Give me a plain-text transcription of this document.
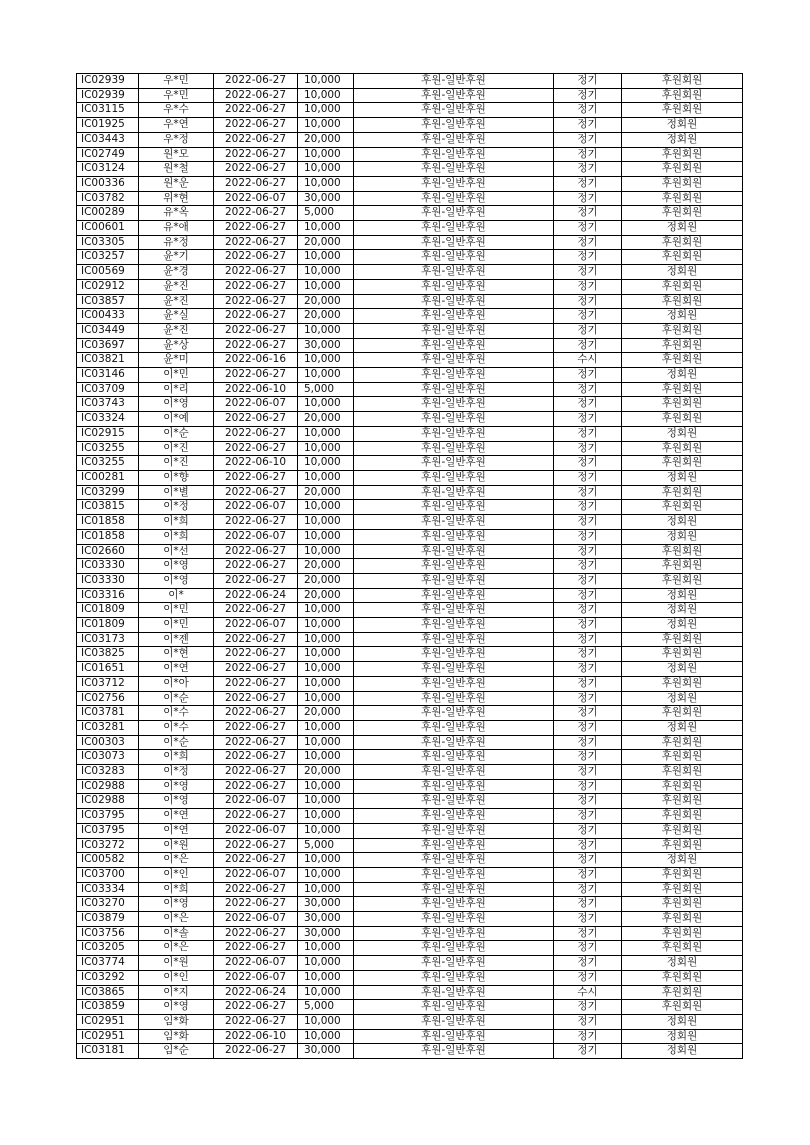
IC02939	우*민	2022-06-27	10,000	후원-일반후원	정기	후원회원
IC02939	우*민	2022-06-27	10,000	후원-일반후원	정기	후원회원
IC03115	우*수	2022-06-27	10,000	후원-일반후원	정기	후원회원
IC01925	우*연	2022-06-27	10,000	후원-일반후원	정기	정회원
IC03443	우*정	2022-06-27	20,000	후원-일반후원	정기	정회원
IC02749	원*모	2022-06-27	10,000	후원-일반후원	정기	후원회원
IC03124	원*철	2022-06-27	10,000	후원-일반후원	정기	후원회원
IC00336	원*운	2022-06-27	10,000	후원-일반후원	정기	후원회원
IC03782	위*현	2022-06-07	30,000	후원-일반후원	정기	후원회원
IC00289	유*옥	2022-06-27	5,000	후원-일반후원	정기	후원회원
IC00601	유*애	2022-06-27	10,000	후원-일반후원	정기	정회원
IC03305	유*정	2022-06-27	20,000	후원-일반후원	정기	후원회원
IC03257	윤*기	2022-06-27	10,000	후원-일반후원	정기	후원회원
IC00569	윤*경	2022-06-27	10,000	후원-일반후원	정기	정회원
IC02912	윤*진	2022-06-27	10,000	후원-일반후원	정기	후원회원
IC03857	윤*진	2022-06-27	20,000	후원-일반후원	정기	후원회원
IC00433	윤*실	2022-06-27	20,000	후원-일반후원	정기	정회원
IC03449	윤*진	2022-06-27	10,000	후원-일반후원	정기	후원회원
IC03697	윤*상	2022-06-27	30,000	후원-일반후원	정기	후원회원
IC03821	윤*미	2022-06-16	10,000	후원-일반후원	수시	후원회원
IC03146	이*민	2022-06-27	10,000	후원-일반후원	정기	정회원
IC03709	이*리	2022-06-10	5,000	후원-일반후원	정기	후원회원
IC03743	이*영	2022-06-07	10,000	후원-일반후원	정기	후원회원
IC03324	이*예	2022-06-27	20,000	후원-일반후원	정기	후원회원
IC02915	이*순	2022-06-27	10,000	후원-일반후원	정기	정회원
IC03255	이*진	2022-06-27	10,000	후원-일반후원	정기	후원회원
IC03255	이*진	2022-06-10	10,000	후원-일반후원	정기	후원회원
IC00281	이*향	2022-06-27	10,000	후원-일반후원	정기	정회원
IC03299	이*별	2022-06-27	20,000	후원-일반후원	정기	후원회원
IC03815	이*정	2022-06-07	10,000	후원-일반후원	정기	후원회원
IC01858	이*희	2022-06-27	10,000	후원-일반후원	정기	정회원
IC01858	이*희	2022-06-07	10,000	후원-일반후원	정기	정회원
IC02660	이*선	2022-06-27	10,000	후원-일반후원	정기	후원회원
IC03330	이*영	2022-06-27	20,000	후원-일반후원	정기	후원회원
IC03330	이*영	2022-06-27	20,000	후원-일반후원	정기	후원회원
IC03316	이*	2022-06-24	20,000	후원-일반후원	정기	정회원
IC01809	이*민	2022-06-27	10,000	후원-일반후원	정기	정회원
IC01809	이*민	2022-06-07	10,000	후원-일반후원	정기	정회원
IC03173	이*젠	2022-06-27	10,000	후원-일반후원	정기	후원회원
IC03825	이*현	2022-06-27	10,000	후원-일반후원	정기	후원회원
IC01651	이*연	2022-06-27	10,000	후원-일반후원	정기	정회원
IC03712	이*아	2022-06-27	10,000	후원-일반후원	정기	후원회원
IC02756	이*순	2022-06-27	10,000	후원-일반후원	정기	정회원
IC03781	이*수	2022-06-27	20,000	후원-일반후원	정기	후원회원
IC03281	이*수	2022-06-27	10,000	후원-일반후원	정기	정회원
IC00303	이*순	2022-06-27	10,000	후원-일반후원	정기	후원회원
IC03073	이*희	2022-06-27	10,000	후원-일반후원	정기	후원회원
IC03283	이*정	2022-06-27	20,000	후원-일반후원	정기	후원회원
IC02988	이*영	2022-06-27	10,000	후원-일반후원	정기	후원회원
IC02988	이*영	2022-06-07	10,000	후원-일반후원	정기	후원회원
IC03795	이*연	2022-06-27	10,000	후원-일반후원	정기	후원회원
IC03795	이*연	2022-06-07	10,000	후원-일반후원	정기	후원회원
IC03272	이*원	2022-06-27	5,000	후원-일반후원	정기	후원회원
IC00582	이*은	2022-06-27	10,000	후원-일반후원	정기	정회원
IC03700	이*인	2022-06-07	10,000	후원-일반후원	정기	후원회원
IC03334	이*희	2022-06-27	10,000	후원-일반후원	정기	후원회원
IC03270	이*영	2022-06-27	30,000	후원-일반후원	정기	후원회원
IC03879	이*은	2022-06-07	30,000	후원-일반후원	정기	후원회원
IC03756	이*솔	2022-06-27	30,000	후원-일반후원	정기	후원회원
IC03205	이*은	2022-06-27	10,000	후원-일반후원	정기	후원회원
IC03774	이*원	2022-06-07	10,000	후원-일반후원	정기	정회원
IC03292	이*인	2022-06-07	10,000	후원-일반후원	정기	후원회원
IC03865	이*지	2022-06-24	10,000	후원-일반후원	수시	후원회원
IC03859	이*영	2022-06-27	5,000	후원-일반후원	정기	후원회원
IC02951	임*화	2022-06-27	10,000	후원-일반후원	정기	정회원
IC02951	임*화	2022-06-10	10,000	후원-일반후원	정기	정회원
IC03181	임*순	2022-06-27	30,000	후원-일반후원	정기	정회원
